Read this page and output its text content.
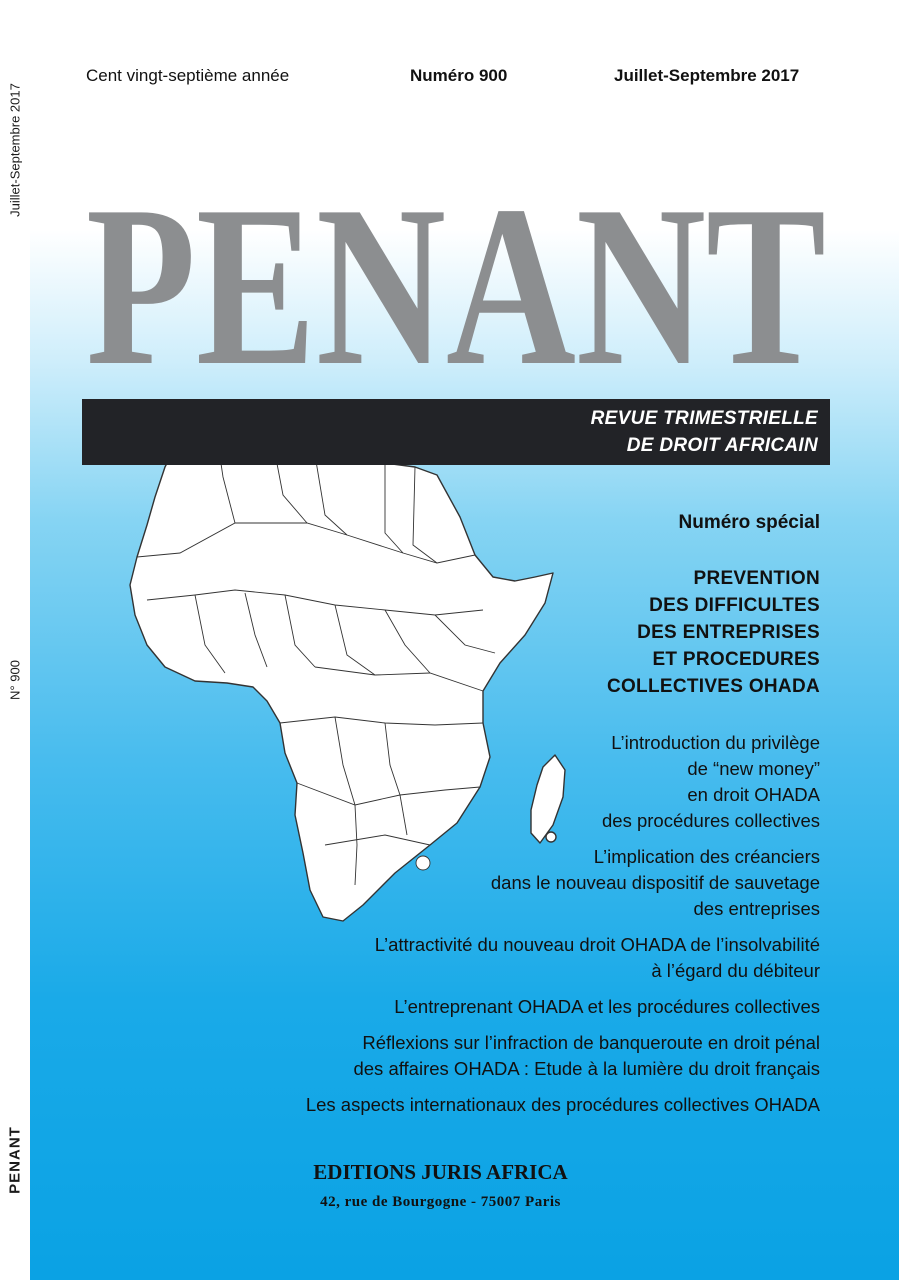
Juillet-Septembre 2017
N° 900
PENANT
Cent vingt-septième année	Numéro 900	Juillet-Septembre 2017
PENANT
REVUE TRIMESTRIELLE
DE DROIT AFRICAIN
Numéro spécial
PREVENTION
DES DIFFICULTES
DES ENTREPRISES
ET PROCEDURES
COLLECTIVES OHADA
L’introduction du privilège
de “new money”
en droit OHADA
des procédures collectives
L’implication des créanciers
dans le nouveau dispositif de sauvetage
des entreprises
L’attractivité du nouveau droit OHADA de l’insolvabilité
à l’égard du débiteur
L’entreprenant OHADA et les procédures collectives
Réflexions sur l’infraction de banqueroute en droit pénal
des affaires OHADA : Etude à la lumière du droit français
Les aspects internationaux des procédures collectives OHADA
EDITIONS JURIS AFRICA
42, rue de Bourgogne - 75007 Paris
